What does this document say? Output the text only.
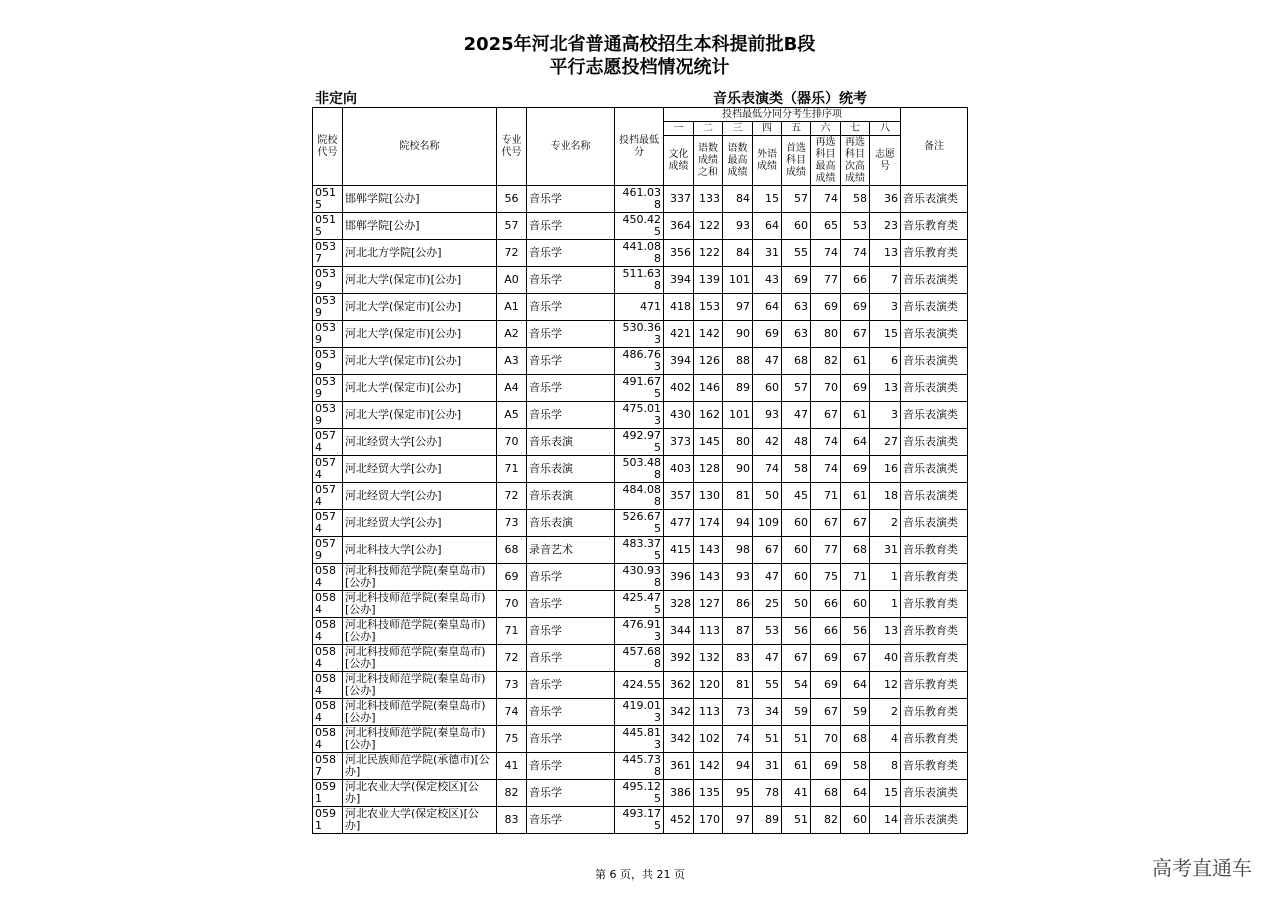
2025年河北省普通高校招生本科提前批B段
平行志愿投档情况统计
非定向	音乐表演类（器乐）统考
院校代号	院校名称	专业代号	专业名称	投档最低分	投档最低分同分考生排序项								备注
					一	二	三	四	五	六	七	八	
					文化成绩	语数成绩之和	语数最高成绩	外语成绩	首选科目成绩	再选科目最高成绩	再选科目次高成绩	志愿号	
0515	邯郸学院[公办]	56	音乐学	461.038	337	133	84	15	57	74	58	36	音乐表演类
0515	邯郸学院[公办]	57	音乐学	450.425	364	122	93	64	60	65	53	23	音乐教育类
0537	河北北方学院[公办]	72	音乐学	441.088	356	122	84	31	55	74	74	13	音乐教育类
0539	河北大学(保定市)[公办]	A0	音乐学	511.638	394	139	101	43	69	77	66	7	音乐表演类
0539	河北大学(保定市)[公办]	A1	音乐学	471	418	153	97	64	63	69	69	3	音乐表演类
0539	河北大学(保定市)[公办]	A2	音乐学	530.363	421	142	90	69	63	80	67	15	音乐表演类
0539	河北大学(保定市)[公办]	A3	音乐学	486.763	394	126	88	47	68	82	61	6	音乐表演类
0539	河北大学(保定市)[公办]	A4	音乐学	491.675	402	146	89	60	57	70	69	13	音乐表演类
0539	河北大学(保定市)[公办]	A5	音乐学	475.013	430	162	101	93	47	67	61	3	音乐表演类
0574	河北经贸大学[公办]	70	音乐表演	492.975	373	145	80	42	48	74	64	27	音乐表演类
0574	河北经贸大学[公办]	71	音乐表演	503.488	403	128	90	74	58	74	69	16	音乐表演类
0574	河北经贸大学[公办]	72	音乐表演	484.088	357	130	81	50	45	71	61	18	音乐表演类
0574	河北经贸大学[公办]	73	音乐表演	526.675	477	174	94	109	60	67	67	2	音乐表演类
0579	河北科技大学[公办]	68	录音艺术	483.375	415	143	98	67	60	77	68	31	音乐教育类
0584	河北科技师范学院(秦皇岛市)[公办]	69	音乐学	430.938	396	143	93	47	60	75	71	1	音乐教育类
0584	河北科技师范学院(秦皇岛市)[公办]	70	音乐学	425.475	328	127	86	25	50	66	60	1	音乐教育类
0584	河北科技师范学院(秦皇岛市)[公办]	71	音乐学	476.913	344	113	87	53	56	66	56	13	音乐教育类
0584	河北科技师范学院(秦皇岛市)[公办]	72	音乐学	457.688	392	132	83	47	67	69	67	40	音乐教育类
0584	河北科技师范学院(秦皇岛市)[公办]	73	音乐学	424.55	362	120	81	55	54	69	64	12	音乐教育类
0584	河北科技师范学院(秦皇岛市)[公办]	74	音乐学	419.013	342	113	73	34	59	67	59	2	音乐教育类
0584	河北科技师范学院(秦皇岛市)[公办]	75	音乐学	445.813	342	102	74	51	51	70	68	4	音乐教育类
0587	河北民族师范学院(承德市)[公办]	41	音乐学	445.738	361	142	94	31	61	69	58	8	音乐教育类
0591	河北农业大学(保定校区)[公办]	82	音乐学	495.125	386	135	95	78	41	68	64	15	音乐表演类
0591	河北农业大学(保定校区)[公办]	83	音乐学	493.175	452	170	97	89	51	82	60	14	音乐表演类
第 6 页，共 21 页	高考直通车
